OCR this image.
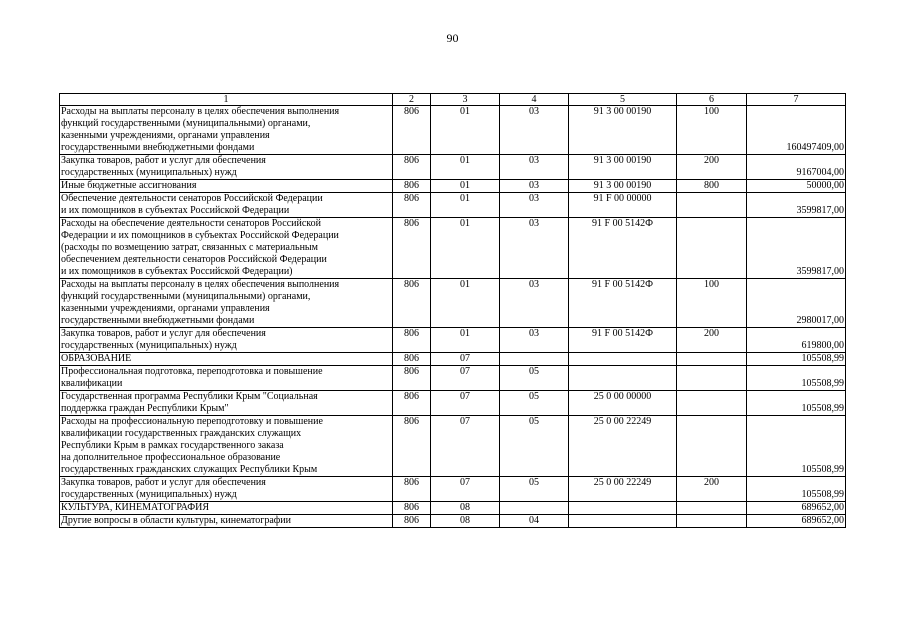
90
1	2	3	4	5	6	7
Расходы на выплаты персоналу в целях обеспечения выполнения
функций государственными (муниципальными) органами,
казенными учреждениями, органами управления
государственными внебюджетными фондами	806	01	03	91 3 00 00190	100	160497409,00
Закупка товаров, работ и услуг для обеспечения
государственных (муниципальных) нужд	806	01	03	91 3 00 00190	200	9167004,00
Иные бюджетные ассигнования	806	01	03	91 3 00 00190	800	50000,00
Обеспечение деятельности сенаторов Российской Федерации
и их помощников в субъектах Российской Федерации	806	01	03	91 F 00 00000		3599817,00
Расходы на обеспечение деятельности сенаторов Российской
Федерации и их помощников в субъектах Российской Федерации
(расходы по возмещению затрат, связанных с материальным
обеспечением деятельности сенаторов Российской Федерации
и их помощников в субъектах Российской Федерации)	806	01	03	91 F 00 5142Ф		3599817,00
Расходы на выплаты персоналу в целях обеспечения выполнения
функций государственными (муниципальными) органами,
казенными учреждениями, органами управления
государственными внебюджетными фондами	806	01	03	91 F 00 5142Ф	100	2980017,00
Закупка товаров, работ и услуг для обеспечения
государственных (муниципальных) нужд	806	01	03	91 F 00 5142Ф	200	619800,00
ОБРАЗОВАНИЕ	806	07				105508,99
Профессиональная подготовка, переподготовка и повышение
квалификации	806	07	05			105508,99
Государственная программа Республики Крым "Социальная
поддержка граждан Республики Крым"	806	07	05	25 0 00 00000		105508,99
Расходы на профессиональную переподготовку и повышение
квалификации государственных гражданских служащих
Республики Крым в рамках государственного заказа
на дополнительное профессиональное образование
государственных гражданских служащих Республики Крым	806	07	05	25 0 00 22249		105508,99
Закупка товаров, работ и услуг для обеспечения
государственных (муниципальных) нужд	806	07	05	25 0 00 22249	200	105508,99
КУЛЬТУРА, КИНЕМАТОГРАФИЯ	806	08				689652,00
Другие вопросы в области культуры, кинематографии	806	08	04			689652,00
